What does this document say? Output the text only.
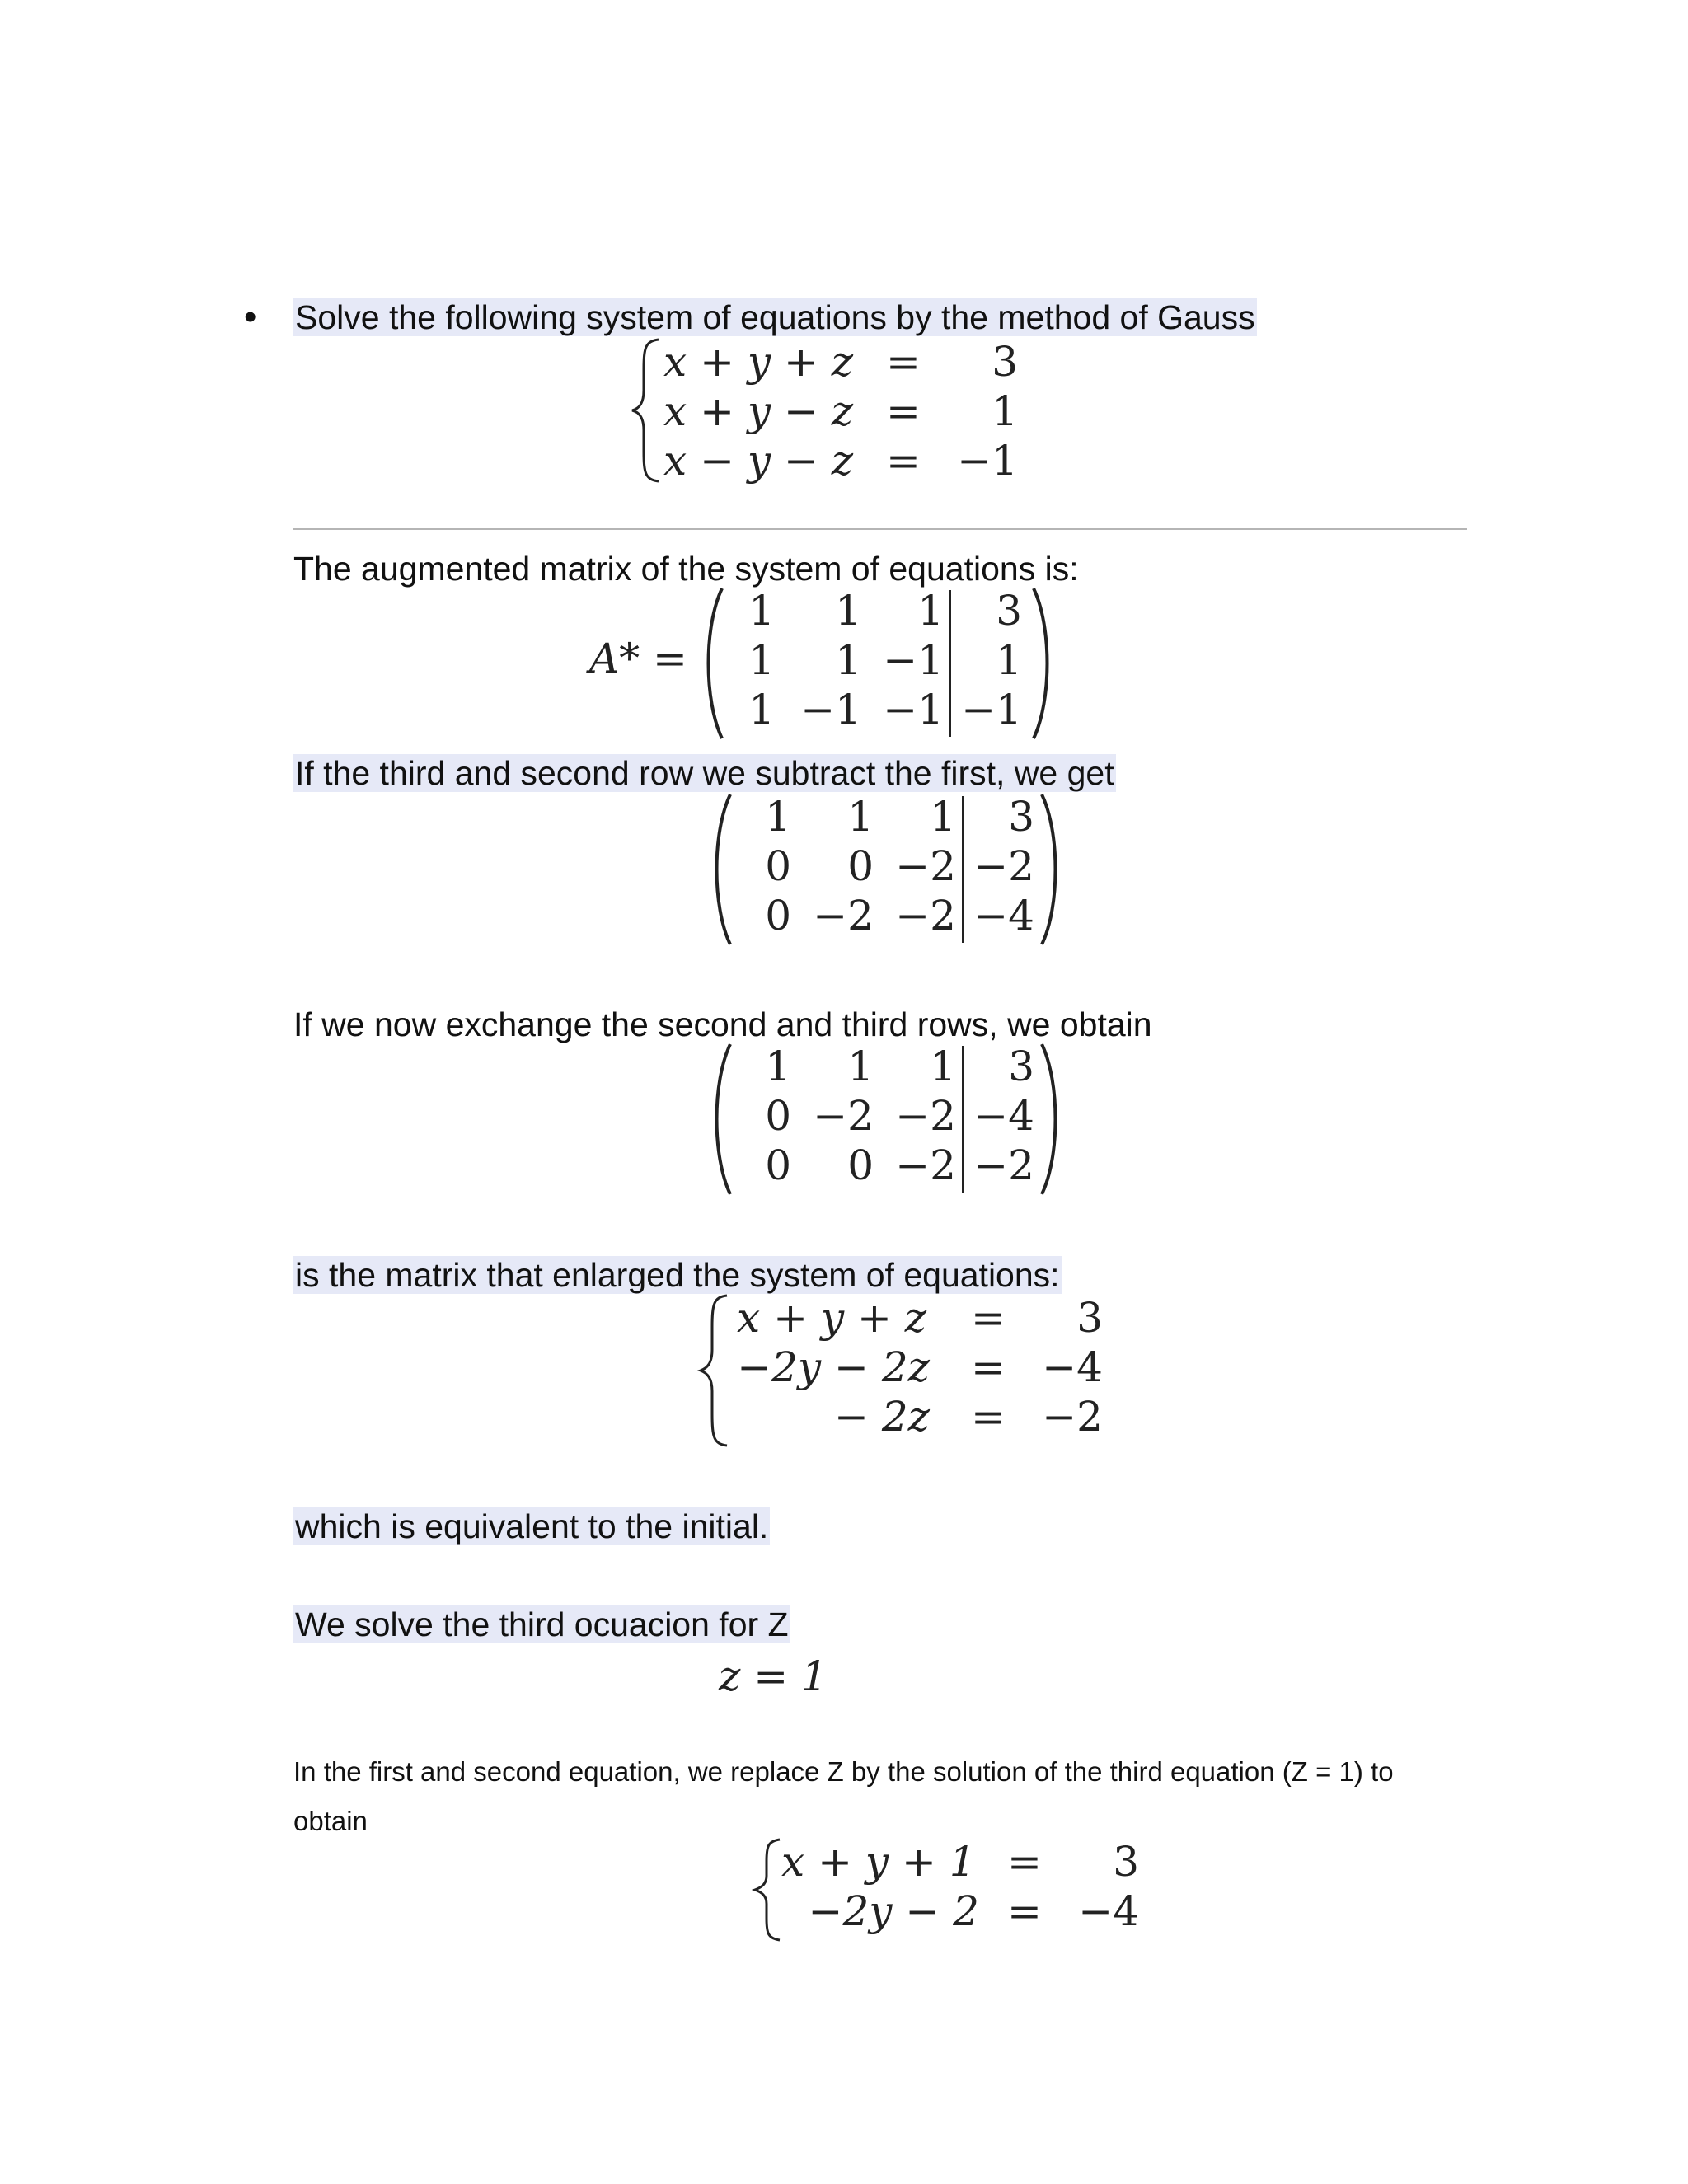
• Solve the following system of equations by the method of Gauss
x + y + z =	3
x + y − z =	1
x − y − z = −1
The augmented matrix of the system of equations is:
A* =
1	1	1	3
1	1 −1	1
1 −1 −1 −1
If the third and second row we subtract the first, we get
1	1	1	3
0	0 −2 −2
0 −2 −2 −4
If we now exchange the second and third rows, we obtain
1	1	1	3
0 −2 −2 −4
0	0 −2 −2
is the matrix that enlarged the system of equations:
x + y + z =	3
−2y − 2z = −4
− 2z = −2
which is equivalent to the initial.
We solve the third ocuacion for Z
z = 1
In the first and second equation, we replace Z by the solution of the third equation (Z = 1) to
obtain
x + y + 1 =	3
−2y − 2 = −4
